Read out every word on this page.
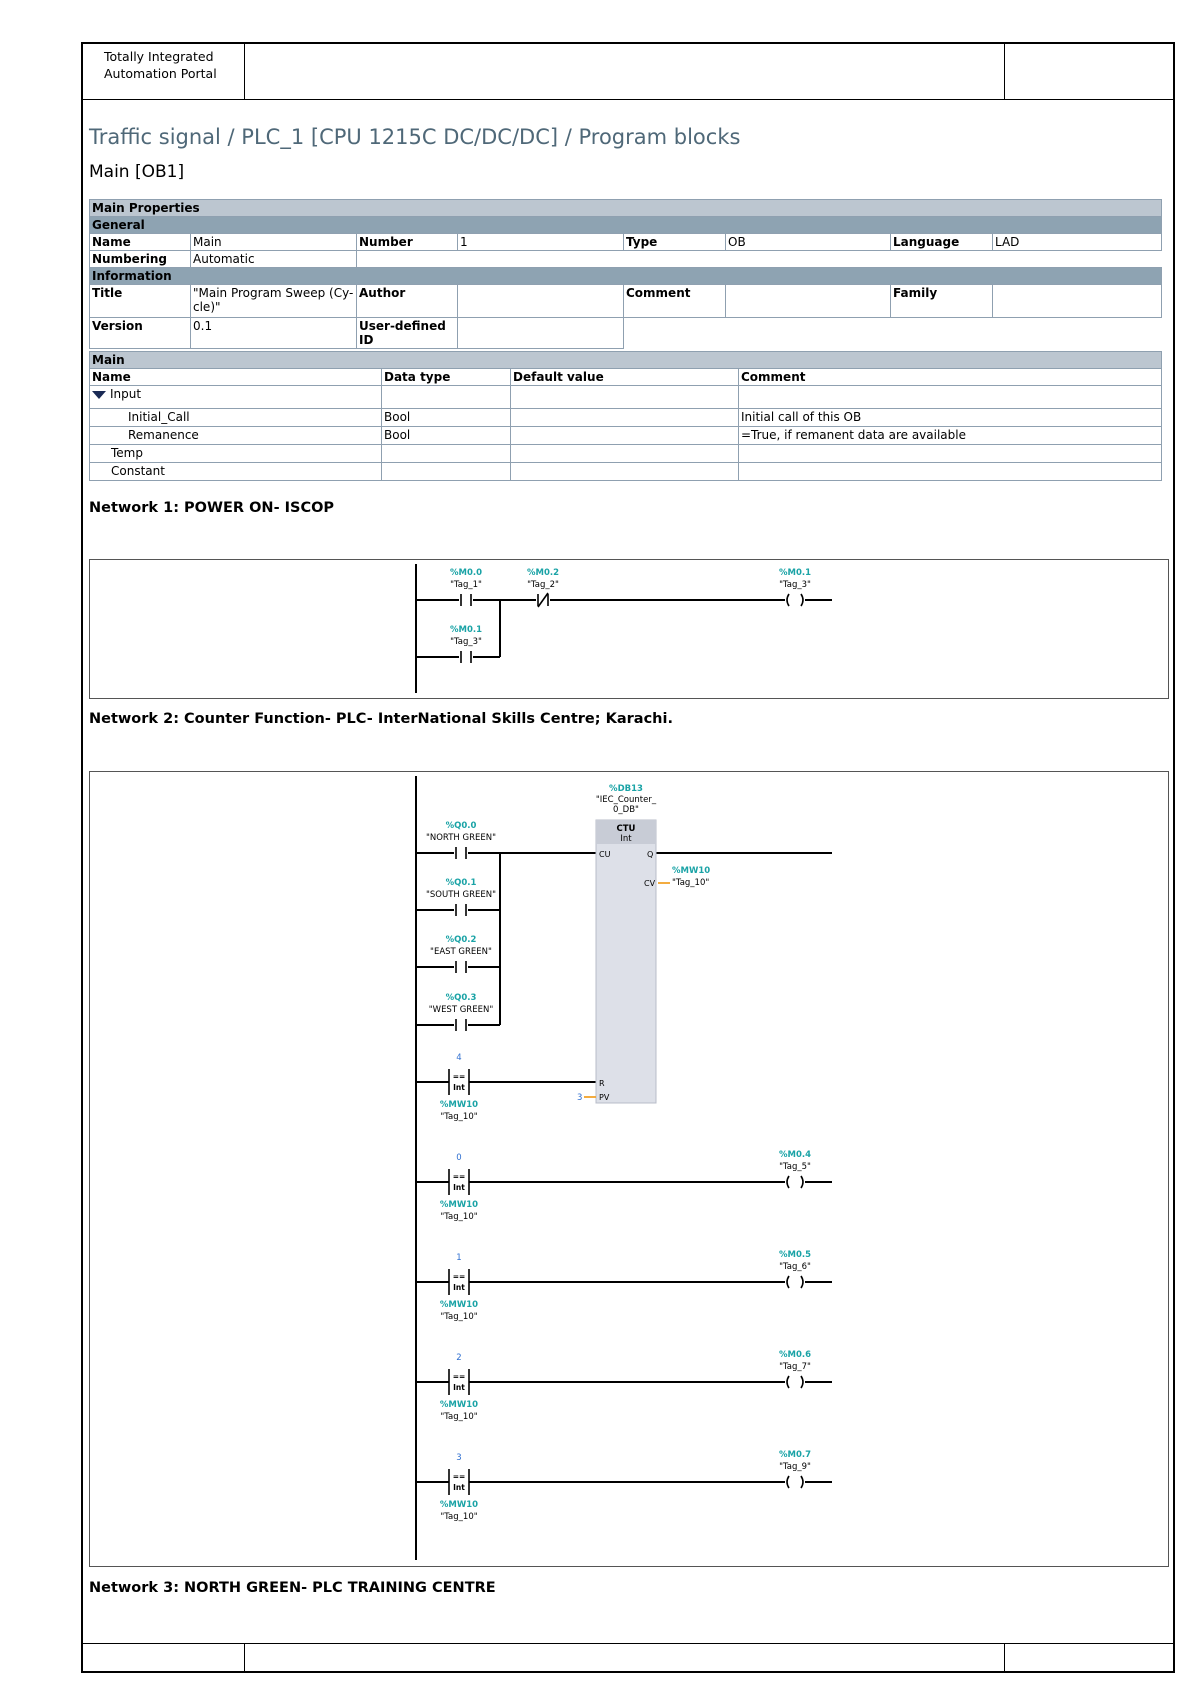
Totally Integrated
Automation Portal
Traffic signal / PLC_1 [CPU 1215C DC/DC/DC] / Program blocks
Main [OB1]
Main Properties							
General							
Name	Main	Number	1	Type	OB	Language	LAD
Numbering	Automatic						
Information							
Title	"Main Program Sweep (Cy-
cle)"	Author		Comment		Family	
Version	0.1	User-defined ID					
Main			
Name	Data type	Default value	Comment
Input			
Initial_Call	Bool		Initial call of this OB
Remanence	Bool		=True, if remanent data are available
Temp			
Constant			
Network 1: POWER ON- ISCOP
%M0.0
"Tag_1"
%M0.2
"Tag_2"
%M0.1
"Tag_3"
%M0.1
"Tag_3"
Network 2: Counter Function- PLC- InterNational Skills Centre; Karachi.
%DB13
"IEC_Counter_
0_DB"
CTU
Int
CU	Q
CV
R
PV
%MW10
"Tag_10"
3
%Q0.0
"NORTH GREEN"
%Q0.1
"SOUTH GREEN"
%Q0.2
"EAST GREEN"
%Q0.3
"WEST GREEN"
==
Int
4
%MW10
"Tag_10"
==
Int
0
%MW10
"Tag_10"
%M0.4
"Tag_5"
==
Int
1
%MW10
"Tag_10"
%M0.5
"Tag_6"
==
Int
2
%MW10
"Tag_10"
%M0.6
"Tag_7"
==
Int
3
%MW10
"Tag_10"
%M0.7
"Tag_9"
Network 3: NORTH GREEN- PLC TRAINING CENTRE
